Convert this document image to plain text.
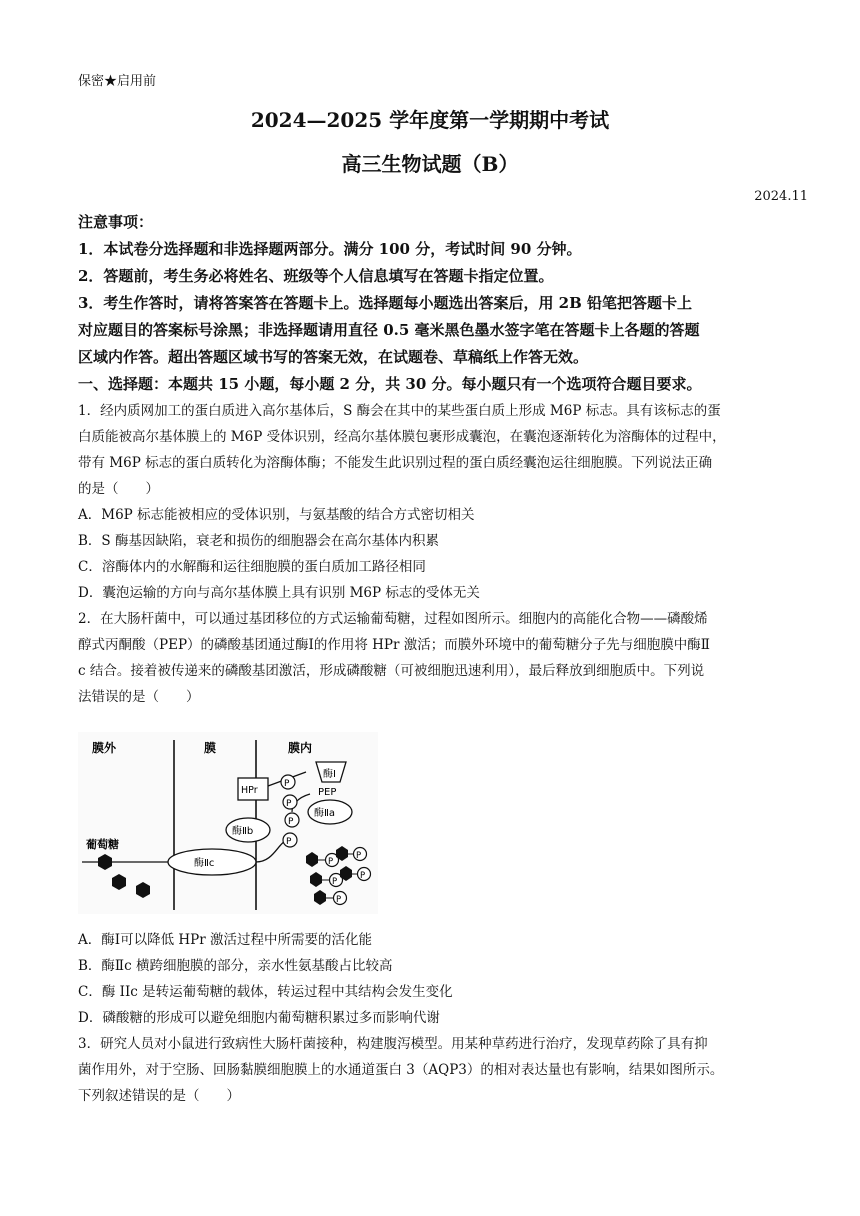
保密★启用前
2024—2025 学年度第一学期期中考试
高三生物试题（B）
2024.11
注意事项：
1．本试卷分选择题和非选择题两部分。满分 100 分，考试时间 90 分钟。
2．答题前，考生务必将姓名、班级等个人信息填写在答题卡指定位置。
3．考生作答时，请将答案答在答题卡上。选择题每小题选出答案后，用 2B 铅笔把答题卡上
对应题目的答案标号涂黑；非选择题请用直径 0.5 毫米黑色墨水签字笔在答题卡上各题的答题
区域内作答。超出答题区域书写的答案无效，在试题卷、草稿纸上作答无效。
一、选择题：本题共 15 小题，每小题 2 分，共 30 分。每小题只有一个选项符合题目要求。
1．经内质网加工的蛋白质进入高尔基体后，S 酶会在其中的某些蛋白质上形成 M6P 标志。具有该标志的蛋
白质能被高尔基体膜上的 M6P 受体识别，经高尔基体膜包裹形成囊泡，在囊泡逐渐转化为溶酶体的过程中，
带有 M6P 标志的蛋白质转化为溶酶体酶；不能发生此识别过程的蛋白质经囊泡运往细胞膜。下列说法正确
的是（　　）
A．M6P 标志能被相应的受体识别，与氨基酸的结合方式密切相关
B．S 酶基因缺陷，衰老和损伤的细胞器会在高尔基体内积累
C．溶酶体内的水解酶和运往细胞膜的蛋白质加工路径相同
D．囊泡运输的方向与高尔基体膜上具有识别 M6P 标志的受体无关
2．在大肠杆菌中，可以通过基团移位的方式运输葡萄糖，过程如图所示。细胞内的高能化合物——磷酸烯
醇式丙酮酸（PEP）的磷酸基团通过酶Ⅰ的作用将 HPr 激活；而膜外环境中的葡萄糖分子先与细胞膜中酶Ⅱ
c 结合。接着被传递来的磷酸基团激活，形成磷酸糖（可被细胞迅速利用），最后释放到细胞质中。下列说
法错误的是（　　）
膜外	膜	膜内
酶Ⅰ
PEP
HPr
酶Ⅱa
酶Ⅱb
酶Ⅱc
P
P
P
P
葡萄糖
P
P
P
P
P
A．酶Ⅰ可以降低 HPr 激活过程中所需要的活化能
B．酶Ⅱc 横跨细胞膜的部分，亲水性氨基酸占比较高
C．酶 IIc 是转运葡萄糖的载体，转运过程中其结构会发生变化
D．磷酸糖的形成可以避免细胞内葡萄糖积累过多而影响代谢
3．研究人员对小鼠进行致病性大肠杆菌接种，构建腹泻模型。用某种草药进行治疗，发现草药除了具有抑
菌作用外，对于空肠、回肠黏膜细胞膜上的水通道蛋白 3（AQP3）的相对表达量也有影响，结果如图所示。
下列叙述错误的是（　　）
